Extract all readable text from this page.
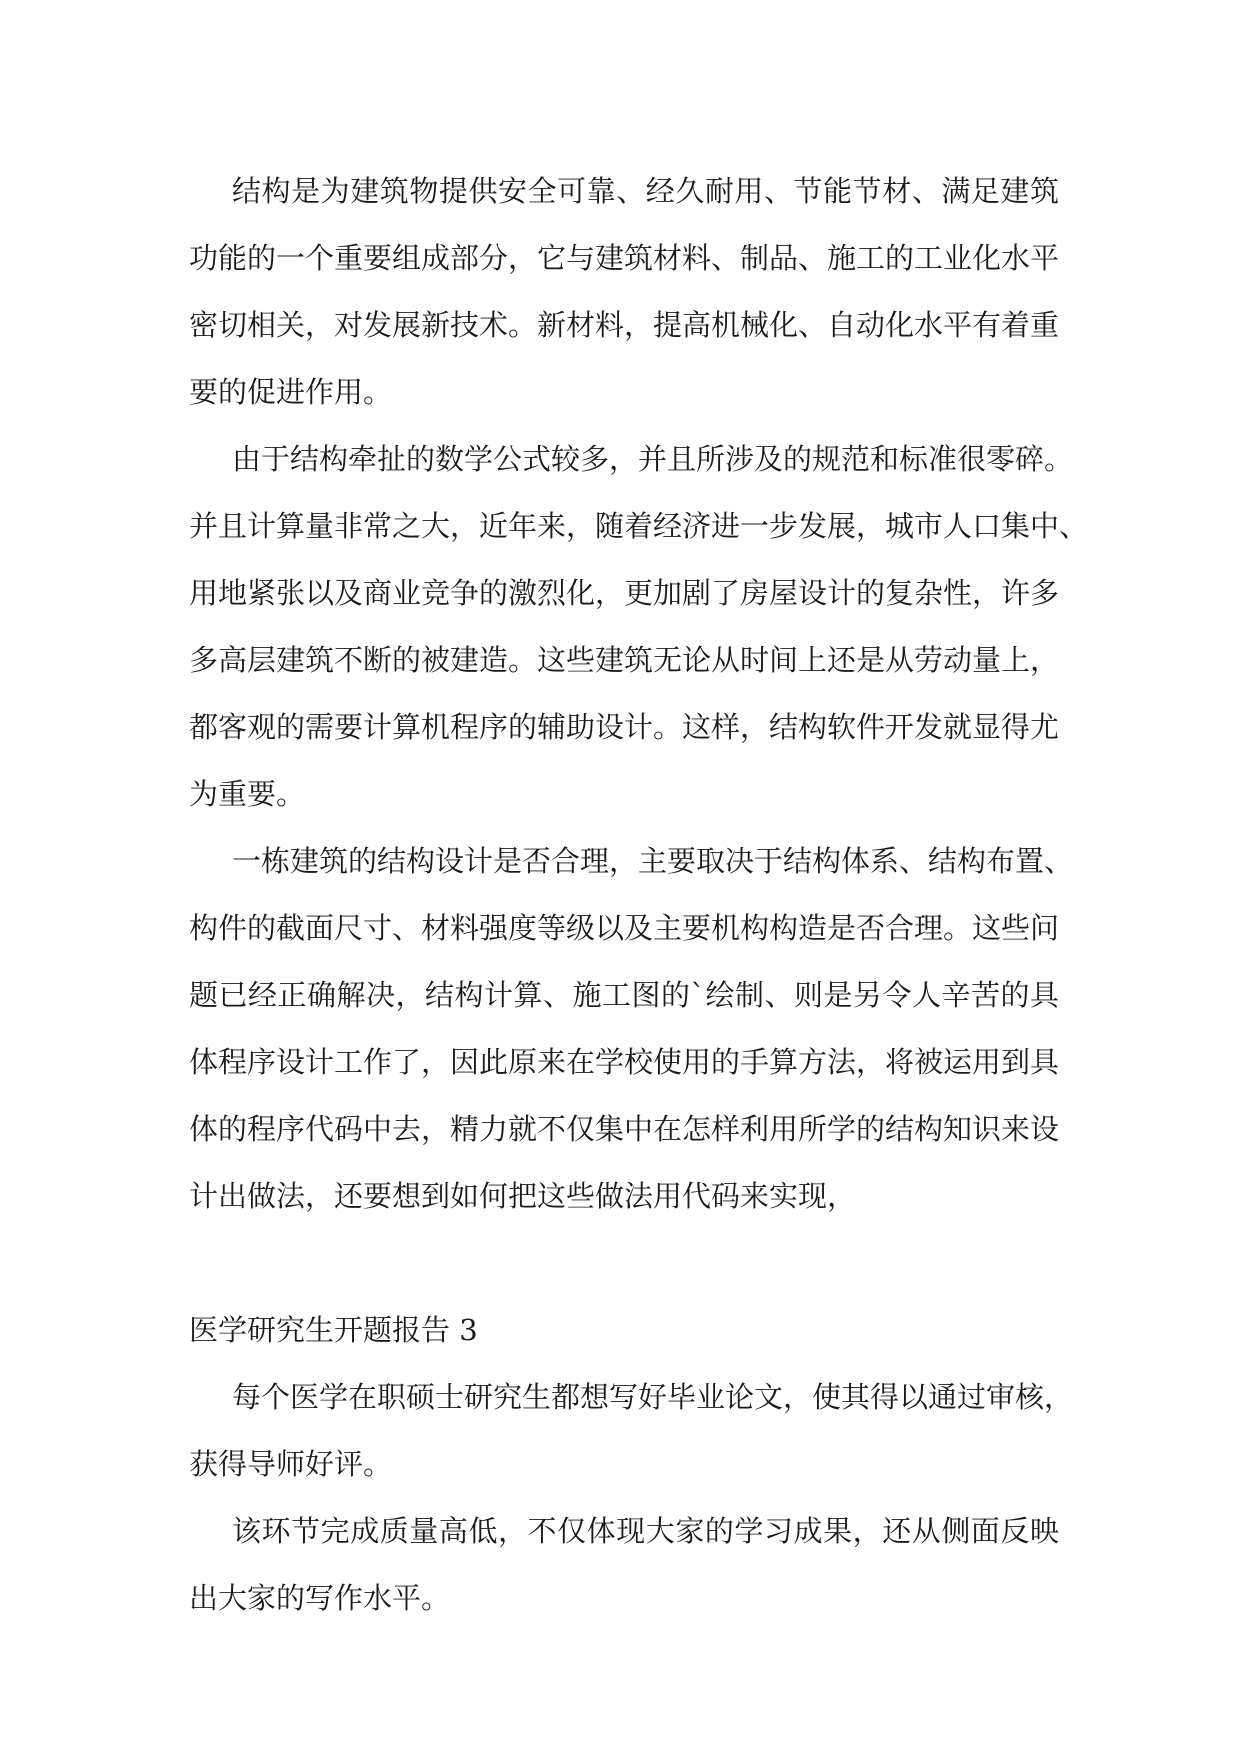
结构是为建筑物提供安全可靠、经久耐用、节能节材、满足建筑
功能的一个重要组成部分，它与建筑材料、制品、施工的工业化水平
密切相关，对发展新技术。新材料，提高机械化、自动化水平有着重
要的促进作用。
由于结构牵扯的数学公式较多，并且所涉及的规范和标准很零碎。
并且计算量非常之大，近年来，随着经济进一步发展，城市人口集中、
用地紧张以及商业竞争的激烈化，更加剧了房屋设计的复杂性，许多
多高层建筑不断的被建造。这些建筑无论从时间上还是从劳动量上，
都客观的需要计算机程序的辅助设计。这样，结构软件开发就显得尤
为重要。
一栋建筑的结构设计是否合理，主要取决于结构体系、结构布置、
构件的截面尺寸、材料强度等级以及主要机构构造是否合理。这些问
题已经正确解决，结构计算、施工图的`绘制、则是另令人辛苦的具
体程序设计工作了，因此原来在学校使用的手算方法，将被运用到具
体的程序代码中去，精力就不仅集中在怎样利用所学的结构知识来设
计出做法，还要想到如何把这些做法用代码来实现，
医学研究生开题报告 3
每个医学在职硕士研究生都想写好毕业论文，使其得以通过审核，
获得导师好评。
该环节完成质量高低，不仅体现大家的学习成果，还从侧面反映
出大家的写作水平。
